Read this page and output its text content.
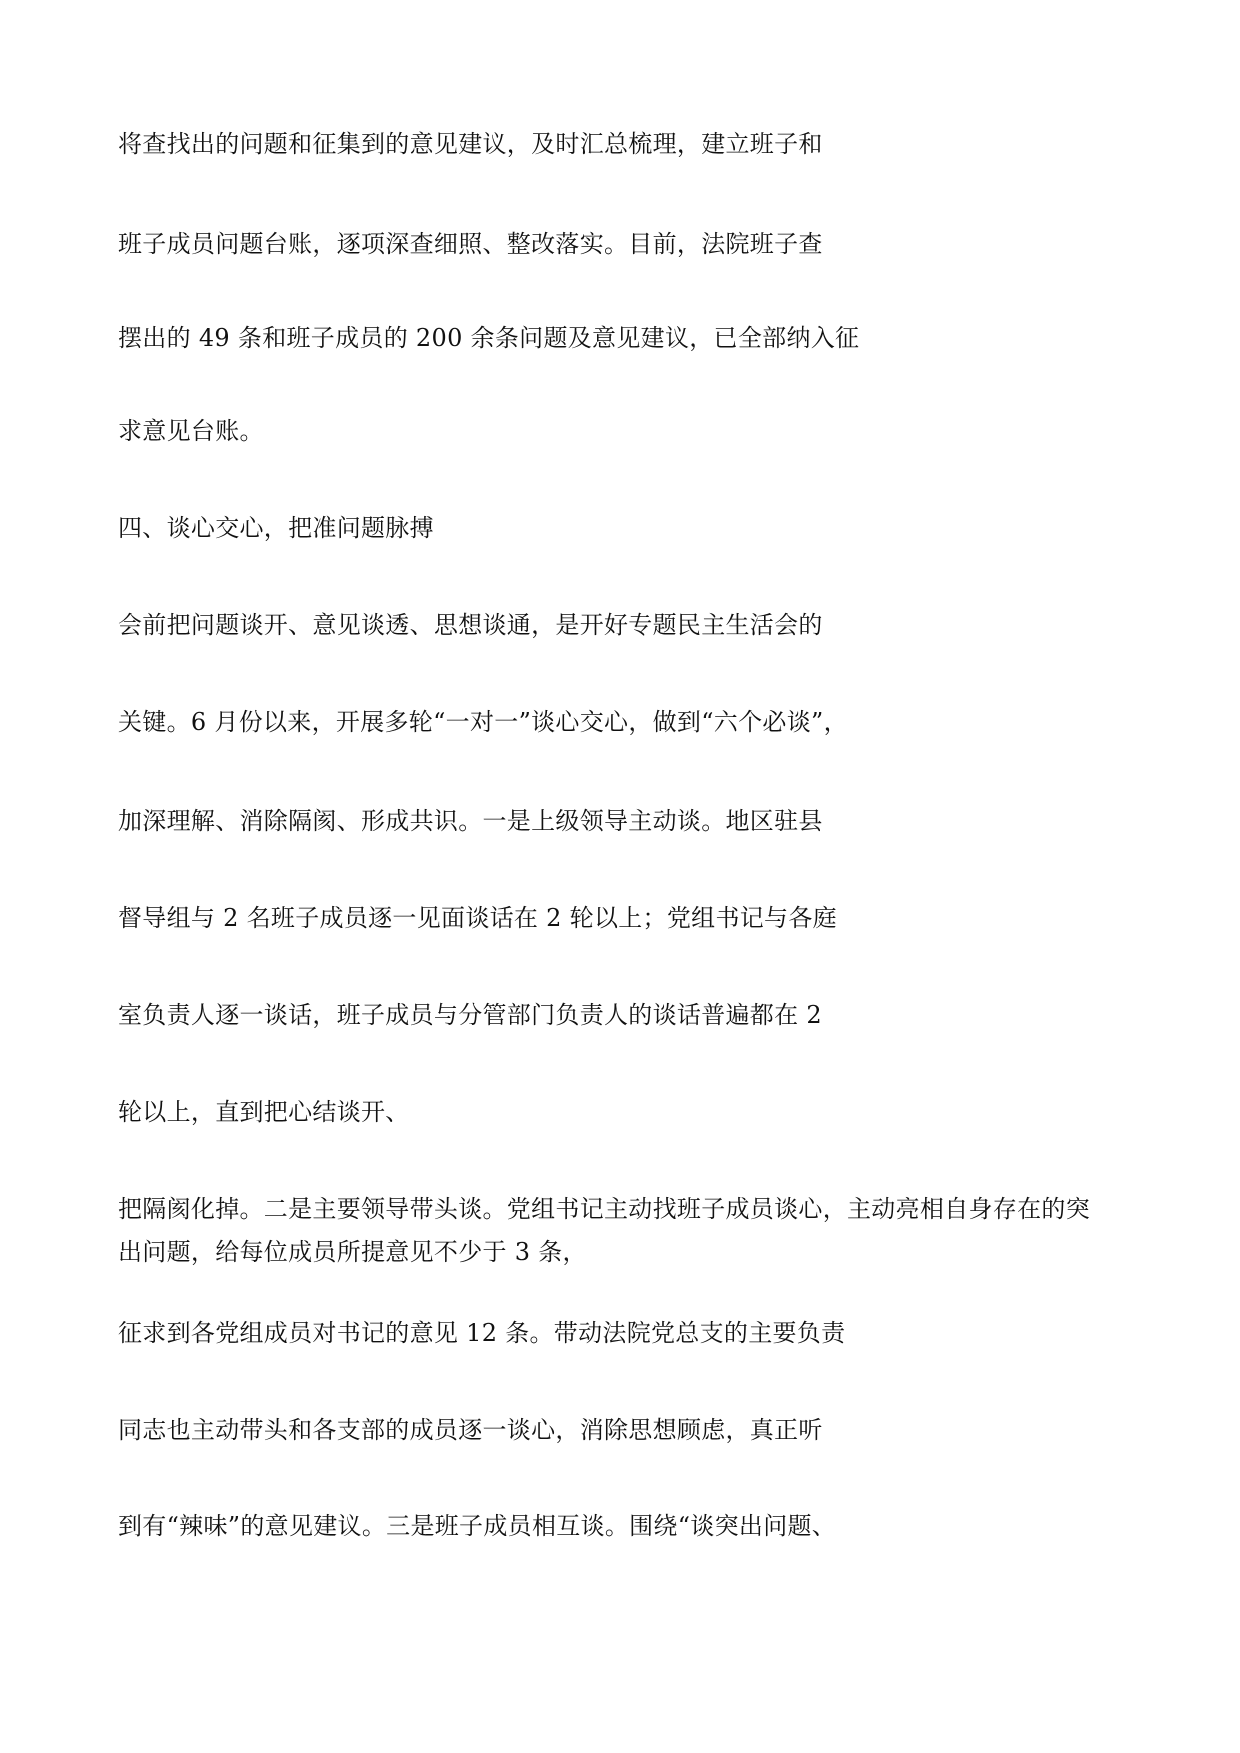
将查找出的问题和征集到的意见建议，及时汇总梳理，建立班子和
班子成员问题台账，逐项深查细照、整改落实。目前，法院班子查
摆出的 49 条和班子成员的 200 余条问题及意见建议，已全部纳入征
求意见台账。
四、谈心交心，把准问题脉搏
会前把问题谈开、意见谈透、思想谈通，是开好专题民主生活会的
关键。6 月份以来，开展多轮“一对一”谈心交心，做到“六个必谈”，
加深理解、消除隔阂、形成共识。一是上级领导主动谈。地区驻县
督导组与 2 名班子成员逐一见面谈话在 2 轮以上；党组书记与各庭
室负责人逐一谈话，班子成员与分管部门负责人的谈话普遍都在 2
轮以上，直到把心结谈开、
把隔阂化掉。二是主要领导带头谈。党组书记主动找班子成员谈心，主动亮相自身存在的突
出问题，给每位成员所提意见不少于 3 条，
征求到各党组成员对书记的意见 12 条。带动法院党总支的主要负责
同志也主动带头和各支部的成员逐一谈心，消除思想顾虑，真正听
到有“辣味”的意见建议。三是班子成员相互谈。围绕“谈突出问题、
